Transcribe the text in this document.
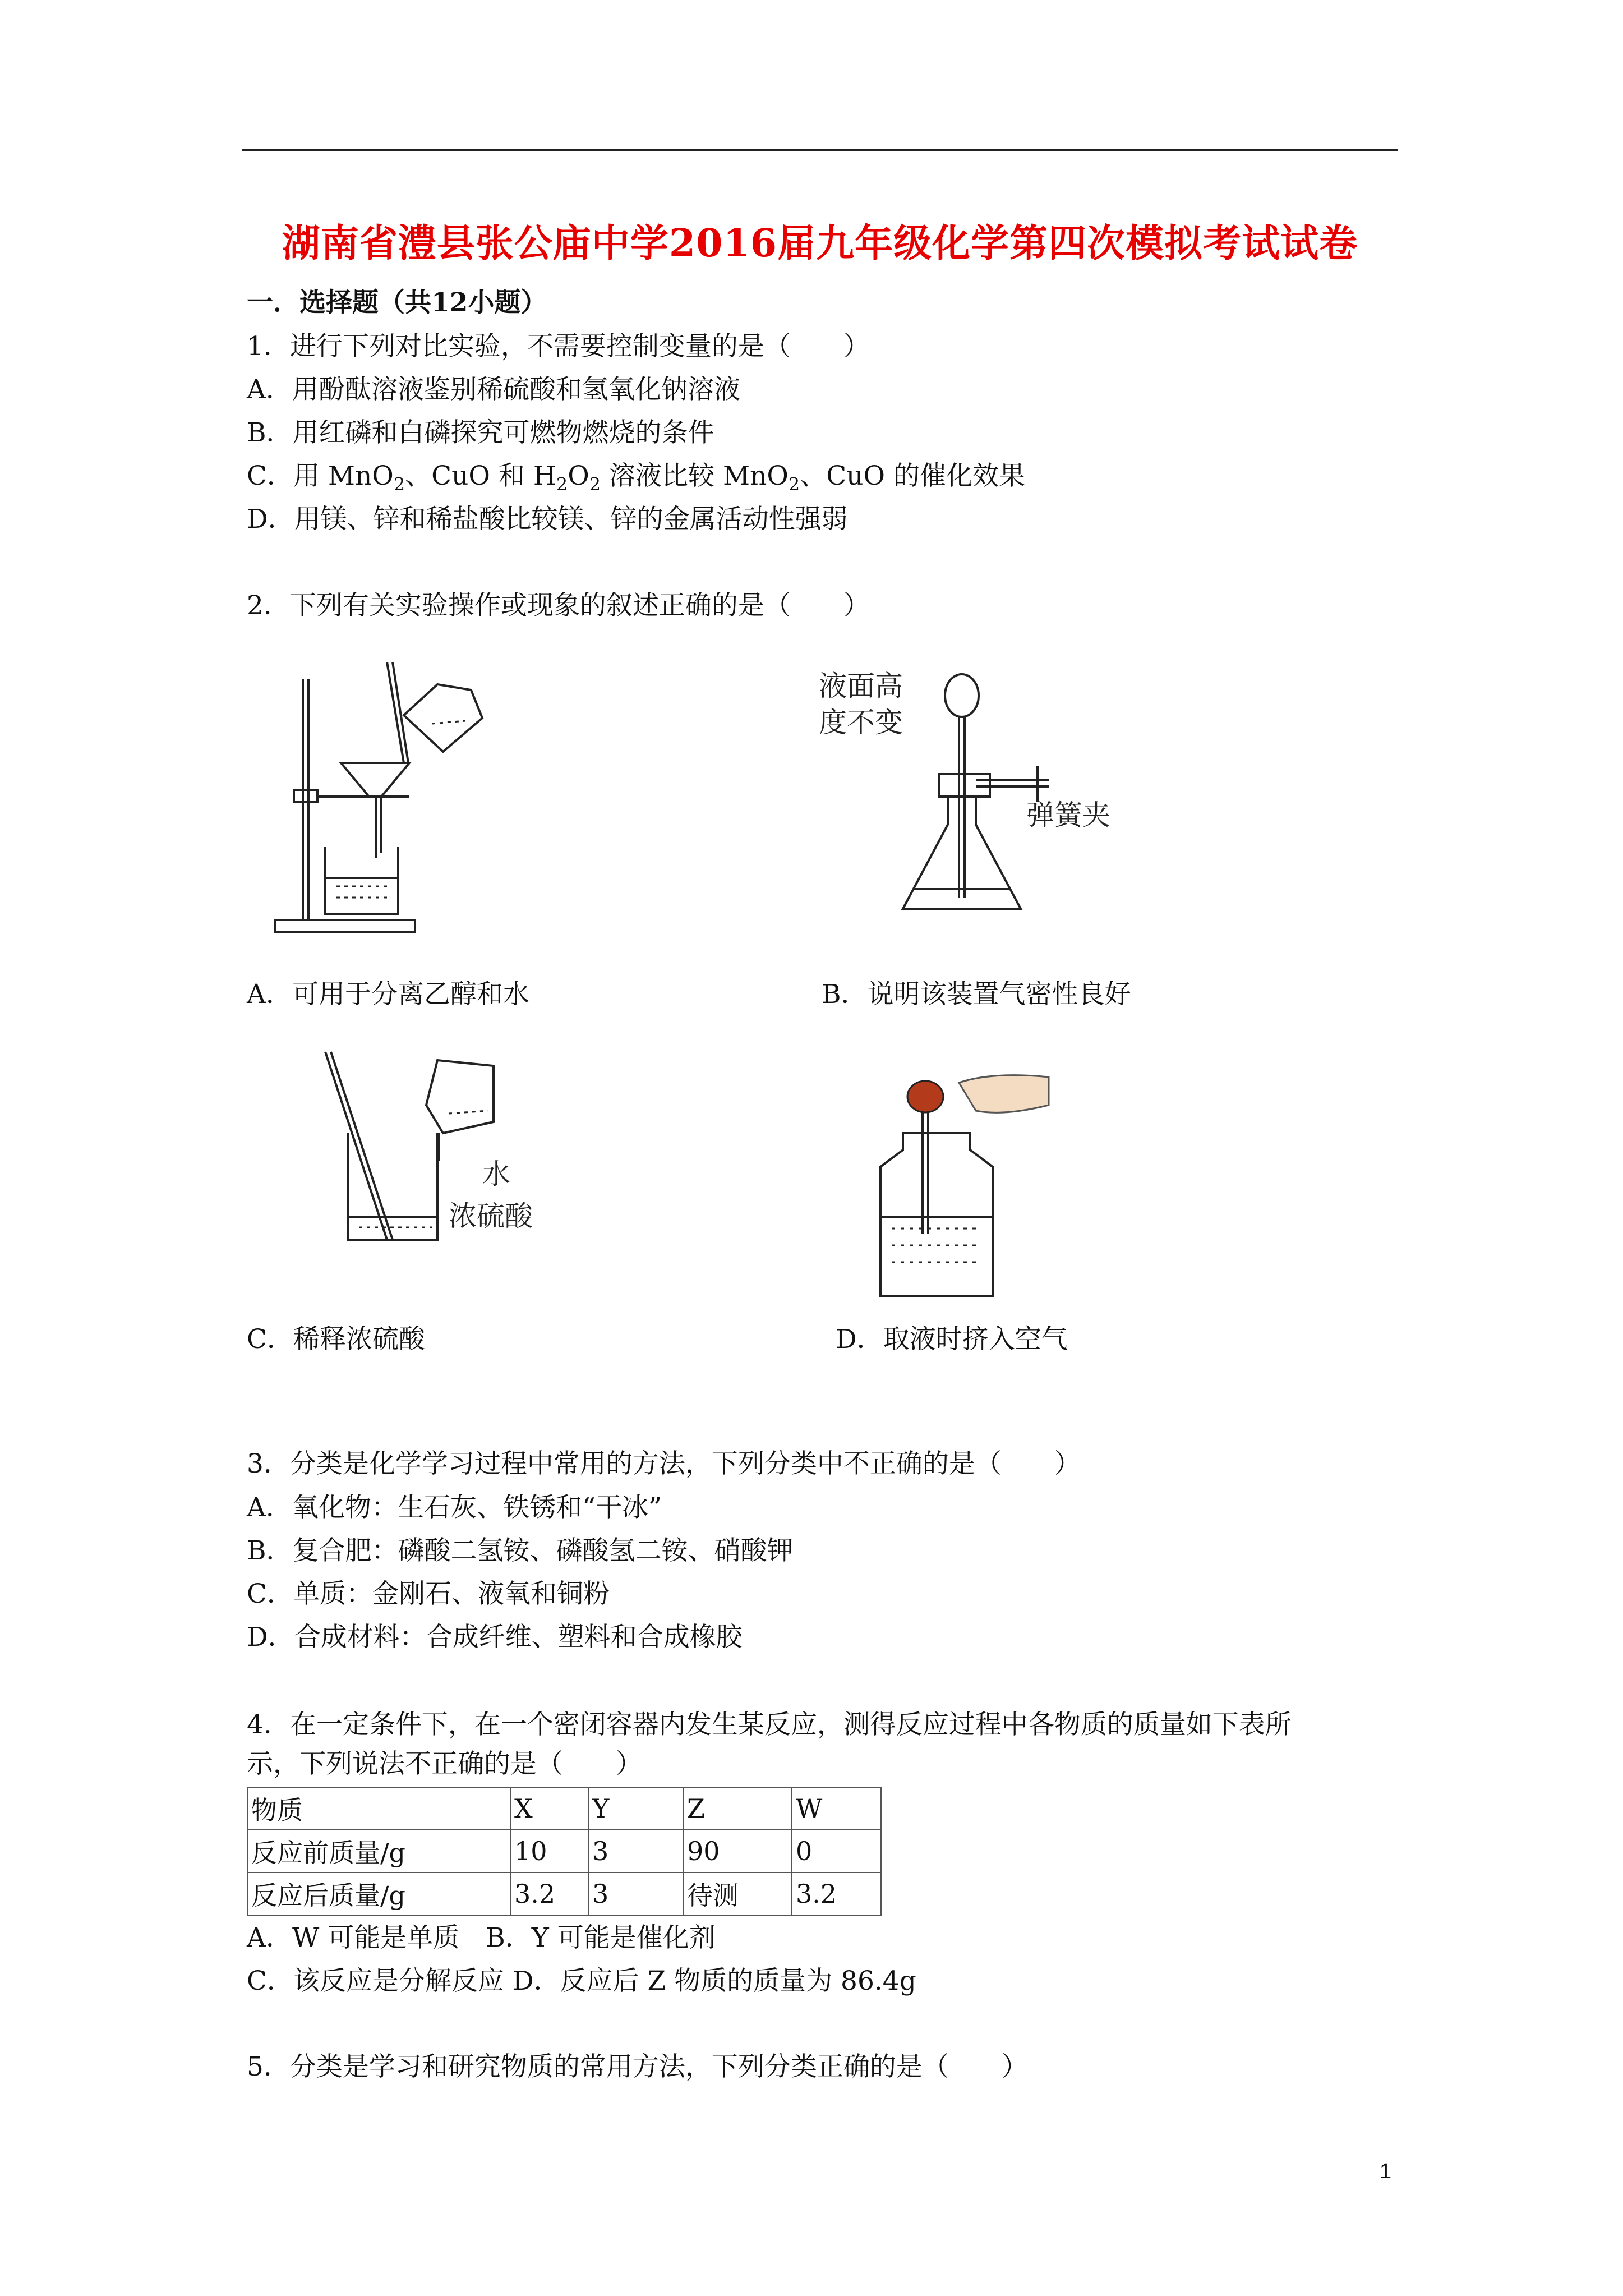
湖南省澧县张公庙中学2016届九年级化学第四次模拟考试试卷
一．选择题（共12小题）
1．进行下列对比实验，不需要控制变量的是（　　）
A．用酚酞溶液鉴别稀硫酸和氢氧化钠溶液
B．用红磷和白磷探究可燃物燃烧的条件
C．用 MnO$_2$、CuO 和 $H_2O_2$ 溶液比较 MnO$_2$、CuO 的催化效果
D．用镁、锌和稀盐酸比较镁、锌的金属活动性强弱
2．下列有关实验操作或现象的叙述正确的是（　　）
液面高
度不变
弹簧夹
A．可用于分离乙醇和水	B．说明该装置气密性良好
水
浓硫酸
C．稀释浓硫酸	D．取液时挤入空气
3．分类是化学学习过程中常用的方法，下列分类中不正确的是（　　）
A．氧化物：生石灰、铁锈和“干冰”
B．复合肥：磷酸二氢铵、磷酸氢二铵、硝酸钾
C．单质：金刚石、液氧和铜粉
D．合成材料：合成纤维、塑料和合成橡胶
4．在一定条件下，在一个密闭容器内发生某反应，测得反应过程中各物质的质量如下表所
示，下列说法不正确的是（　　）
物质	X	Y	Z	W
反应前质量/g	10	3	90	0
反应后质量/g	3.2	3	待测	3.2
A．W 可能是单质　B．Y 可能是催化剂
C．该反应是分解反应 D．反应后 Z 物质的质量为 86.4g
5．分类是学习和研究物质的常用方法，下列分类正确的是（　　）
1
